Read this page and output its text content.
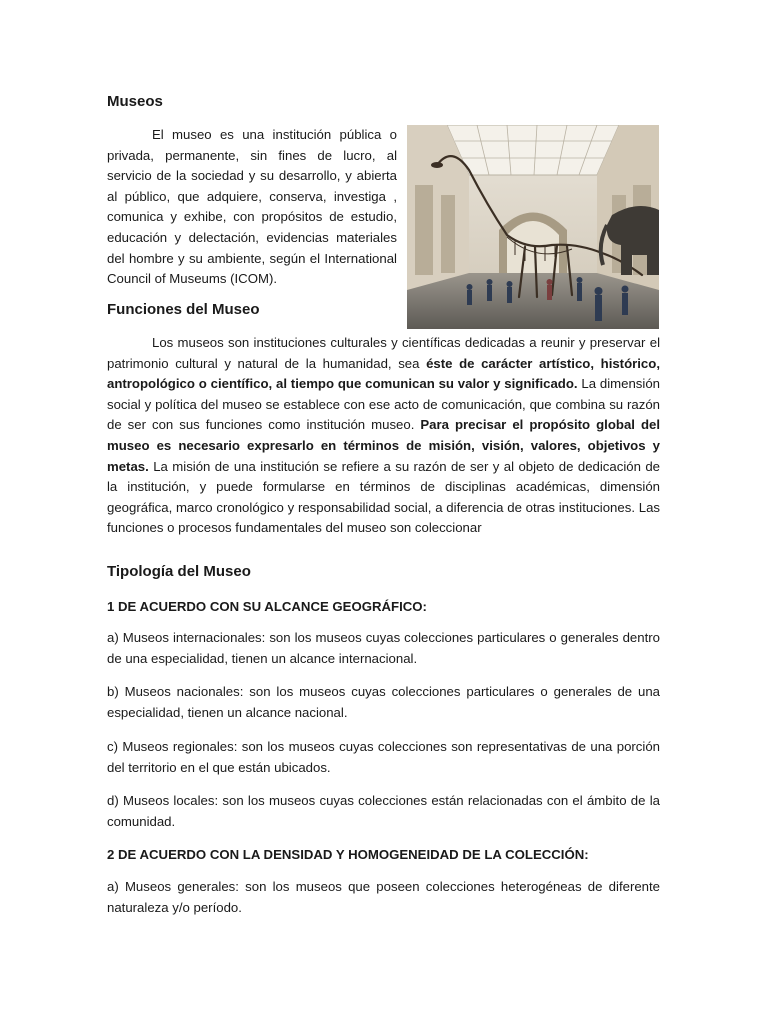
Museos

El museo es una institución pública o privada, permanente, sin fines de lucro, al servicio de la sociedad y su desarrollo, y abierta al público, que adquiere, conserva, investiga , comunica y exhibe, con propósitos de estudio, educación y delectación, evidencias materiales del hombre y su ambiente, según el International Council of Museums (ICOM).

Funciones del Museo

Los museos son instituciones culturales y científicas dedicadas a reunir y preservar el patrimonio cultural y natural de la humanidad, sea éste de carácter artístico, histórico, antropológico o científico, al tiempo que comunican su valor y significado. La dimensión social y política del museo se establece con ese acto de comunicación, que combina su razón de ser con sus funciones como institución museo. Para precisar el propósito global del museo es necesario expresarlo en términos de misión, visión, valores, objetivos y metas. La misión de una institución se refiere a su razón de ser y al objeto de dedicación de la institución, y puede formularse en términos de disciplinas académicas, dimensión geográfica, marco cronológico y responsabilidad social, a diferencia de otras instituciones. Las funciones o procesos fundamentales del museo son coleccionar

Tipología del Museo
1 DE ACUERDO CON SU ALCANCE GEOGRÁFICO:
a) Museos internacionales: son los museos cuyas colecciones particulares o generales dentro de una especialidad, tienen un alcance internacional.
b) Museos nacionales: son los museos cuyas colecciones particulares o generales de una especialidad, tienen un alcance nacional.
c) Museos regionales: son los museos cuyas colecciones son representativas de una porción del territorio en el que están ubicados.
d) Museos locales: son los museos cuyas colecciones están relacionadas con el ámbito de la comunidad.
2 DE ACUERDO CON LA DENSIDAD Y HOMOGENEIDAD DE LA COLECCIÓN:
a) Museos generales: son los museos que poseen colecciones heterogéneas de diferente naturaleza y/o período.
